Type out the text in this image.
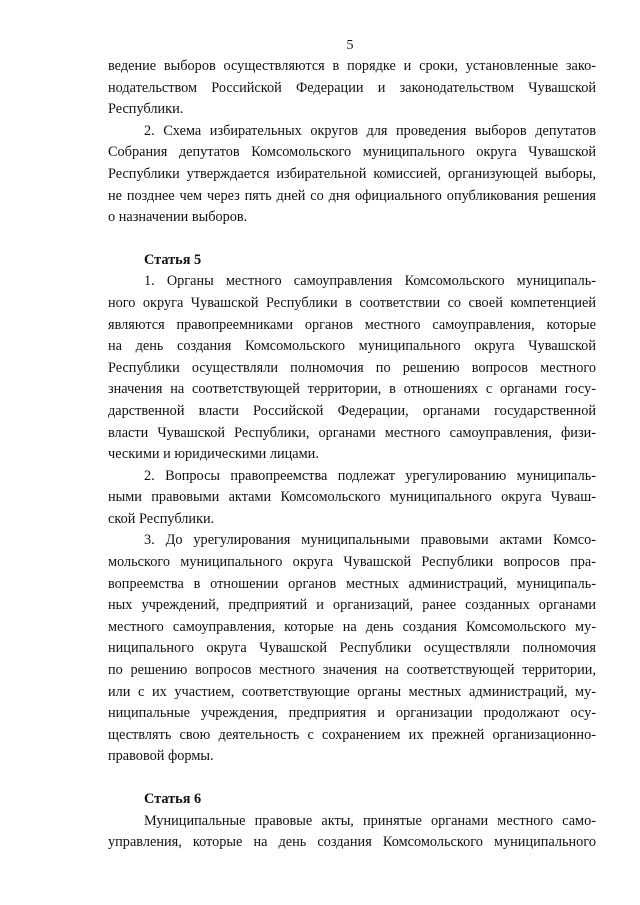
5

ведение выборов осуществляются в порядке и сроки, установленные зако-

нодательством Российской Федерации и законодательством Чувашской

Республики.

2. Схема избирательных округов для проведения выборов депутатов

Собрания депутатов Комсомольского муниципального округа Чувашской

Республики утверждается избирательной комиссией, организующей выборы,

не позднее чем через пять дней со дня официального опубликования решения

о назначении выборов.

Статья 5

1. Органы местного самоуправления Комсомольского муниципаль-

ного округа Чувашской Республики в соответствии со своей компетенцией

являются правопреемниками органов местного самоуправления, которые

на день создания Комсомольского муниципального округа Чувашской

Республики осуществляли полномочия по решению вопросов местного

значения на соответствующей территории, в отношениях с органами госу-

дарственной власти Российской Федерации, органами государственной

власти Чувашской Республики, органами местного самоуправления, физи-

ческими и юридическими лицами.

2. Вопросы правопреемства подлежат урегулированию муниципаль-

ными правовыми актами Комсомольского муниципального округа Чуваш-

ской Республики.

3. До урегулирования муниципальными правовыми актами Комсо-

мольского муниципального округа Чувашской Республики вопросов пра-

вопреемства в отношении органов местных администраций, муниципаль-

ных учреждений, предприятий и организаций, ранее созданных органами

местного самоуправления, которые на день создания Комсомольского му-

ниципального округа Чувашской Республики осуществляли полномочия

по решению вопросов местного значения на соответствующей территории,

или с их участием, соответствующие органы местных администраций, му-

ниципальные учреждения, предприятия и организации продолжают осу-

ществлять свою деятельность с сохранением их прежней организационно-

правовой формы.

Статья 6

Муниципальные правовые акты, принятые органами местного само-

управления, которые на день создания Комсомольского муниципального
